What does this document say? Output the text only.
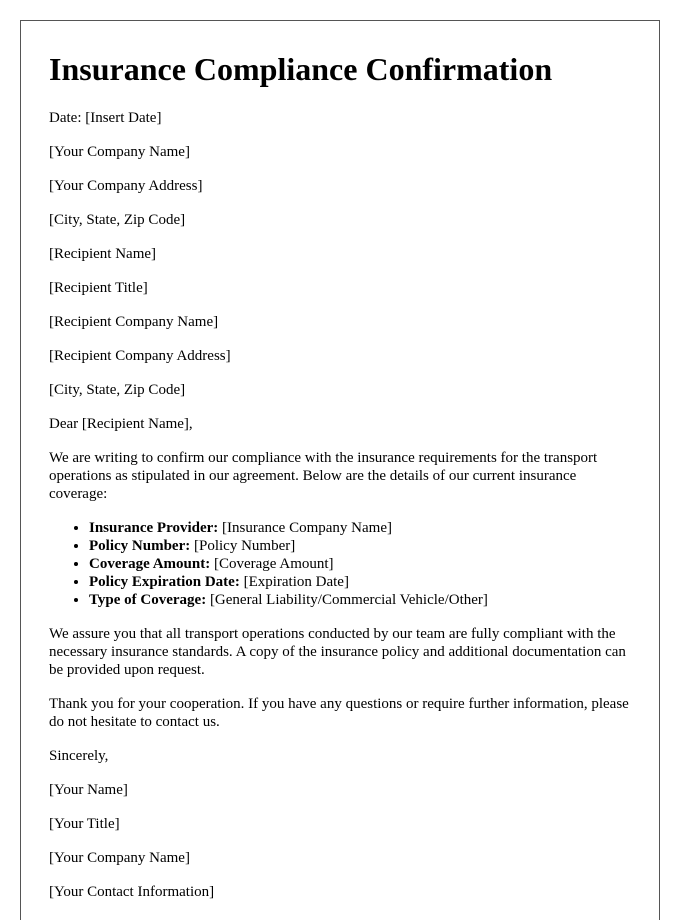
Insurance Compliance Confirmation

Date: [Insert Date]

[Your Company Name]

[Your Company Address]

[City, State, Zip Code]

[Recipient Name]

[Recipient Title]

[Recipient Company Name]

[Recipient Company Address]

[City, State, Zip Code]

Dear [Recipient Name],

We are writing to confirm our compliance with the insurance requirements for the transport operations as stipulated in our agreement. Below are the details of our current insurance coverage:

• Insurance Provider: [Insurance Company Name]
• Policy Number: [Policy Number]
• Coverage Amount: [Coverage Amount]
• Policy Expiration Date: [Expiration Date]
• Type of Coverage: [General Liability/Commercial Vehicle/Other]

We assure you that all transport operations conducted by our team are fully compliant with the necessary insurance standards. A copy of the insurance policy and additional documentation can be provided upon request.

Thank you for your cooperation. If you have any questions or require further information, please do not hesitate to contact us.

Sincerely,

[Your Name]

[Your Title]

[Your Company Name]

[Your Contact Information]
